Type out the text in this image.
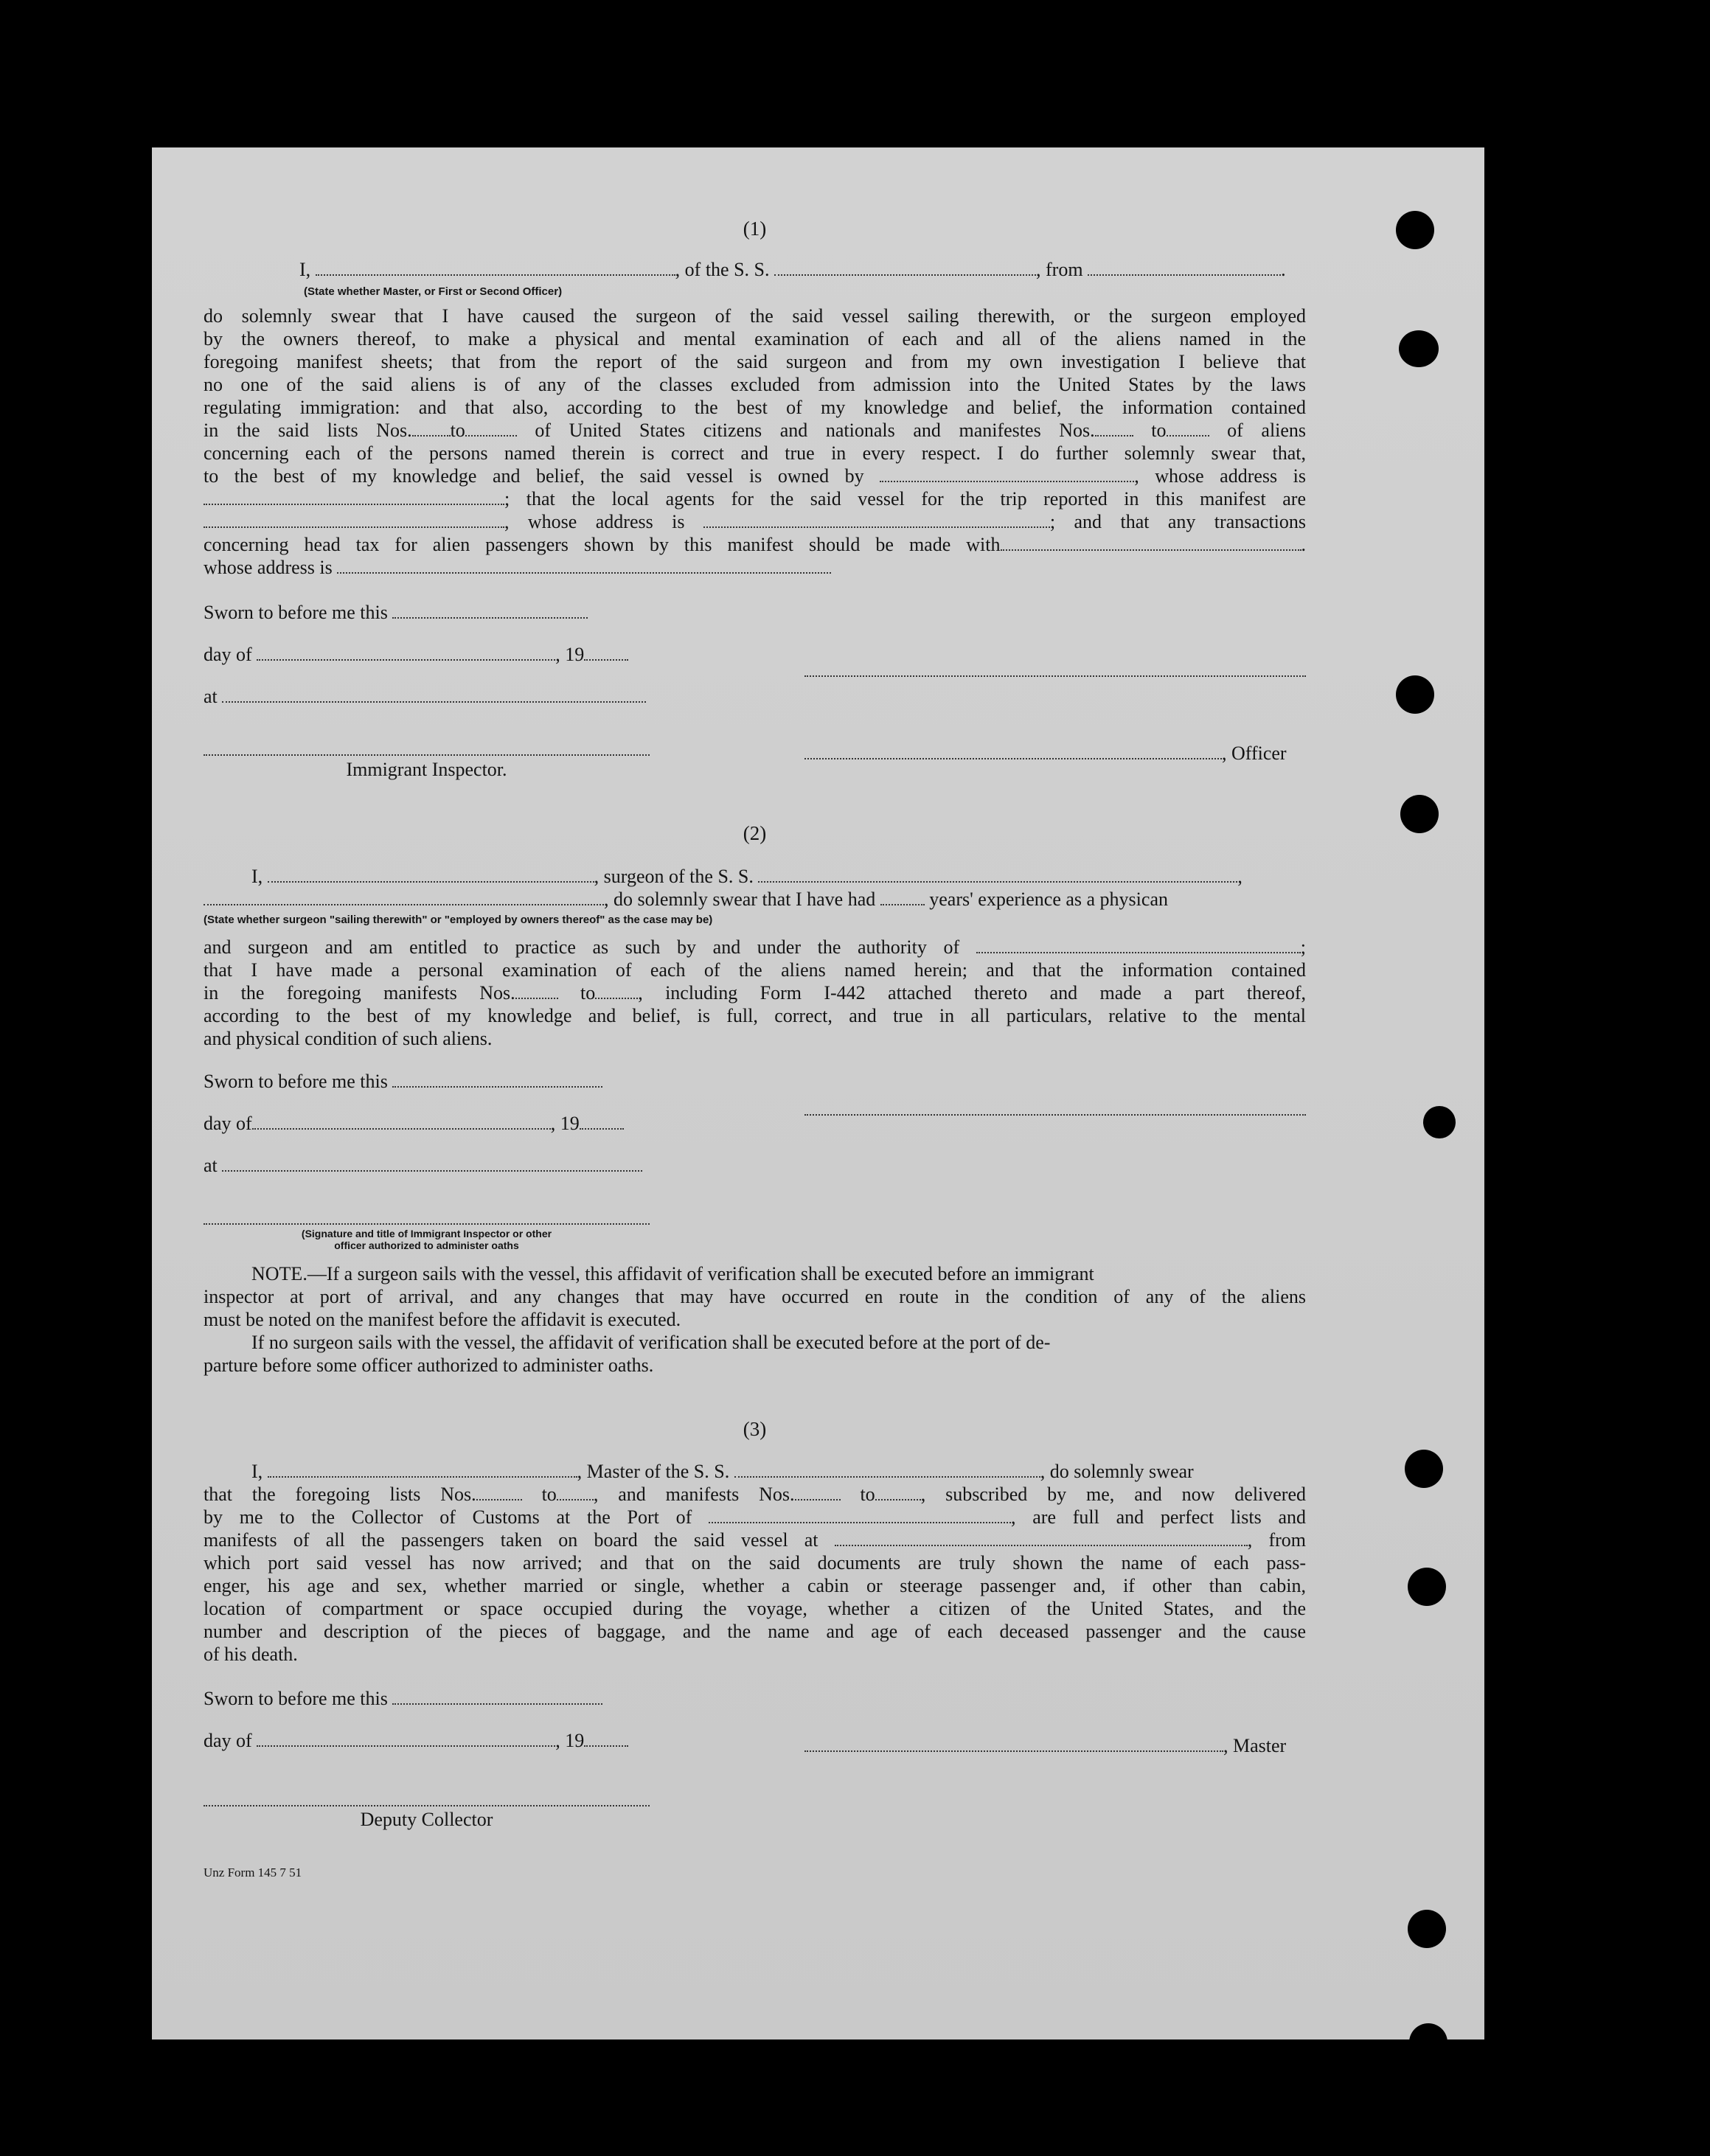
(1)
I,	, of the S. S.	, from	.
(State whether Master, or First or Second Officer)
do solemnly swear that I have caused the surgeon of the said vessel sailing therewith, or the surgeon employed
by the owners thereof, to make a physical and mental examination of each and all of the aliens named in the
foregoing manifest sheets; that from the report of the said surgeon and from my own investigation I believe that
no one of the said aliens is of any of the classes excluded from admission into the United States by the laws
regulating immigration: and that also, according to the best of my knowledge and belief, the information contained
in the said lists Nos. to	of United States citizens and nationals and manifestes Nos.	to	of aliens
concerning each of the persons named therein is correct and true in every respect. I do further solemnly swear that,
to the best of my knowledge and belief, the said vessel is owned by	, whose address is
; that the local agents for the said vessel for the trip reported in this manifest are
, whose address is	; and that any transactions
concerning head tax for alien passengers shown by this manifest should be made with	.
whose address is
Sworn to before me this
day of	, 19
at
Immigrant Inspector.
, Officer
(2)
I,	, surgeon of the S. S.	,
, do solemnly swear that I have had	years' experience as a physican
(State whether surgeon "sailing therewith" or "employed by owners thereof" as the case may be)
and surgeon and am entitled to practice as such by and under the authority of	;
that I have made a personal examination of each of the aliens named herein; and that the information contained
in the foregoing manifests Nos.	to , including Form I-442 attached thereto and made a part thereof,
according to the best of my knowledge and belief, is full, correct, and true in all particulars, relative to the mental
and physical condition of such aliens.
Sworn to before me this
day of	, 19
at
(Signature and title of Immigrant Inspector or other
officer authorized to administer oaths
NOTE.—If a surgeon sails with the vessel, this affidavit of verification shall be executed before an immigrant
inspector at port of arrival, and any changes that may have occurred en route in the condition of any of the aliens
must be noted on the manifest before the affidavit is executed.
If no surgeon sails with the vessel, the affidavit of verification shall be executed before at the port of de-
parture before some officer authorized to administer oaths.
(3)
I,	, Master of the S. S.	, do solemnly swear
that the foregoing lists Nos.	to , and manifests Nos.	to , subscribed by me, and now delivered
by me to the Collector of Customs at the Port of	, are full and perfect lists and
manifests of all the passengers taken on board the said vessel at	, from
which port said vessel has now arrived; and that on the said documents are truly shown the name of each pass-
enger, his age and sex, whether married or single, whether a cabin or steerage passenger and, if other than cabin,
location of compartment or space occupied during the voyage, whether a citizen of the United States, and the
number and description of the pieces of baggage, and the name and age of each deceased passenger and the cause
of his death.
Sworn to before me this
day of	, 19	, Master
Deputy Collector
Unz Form 145 7 51
